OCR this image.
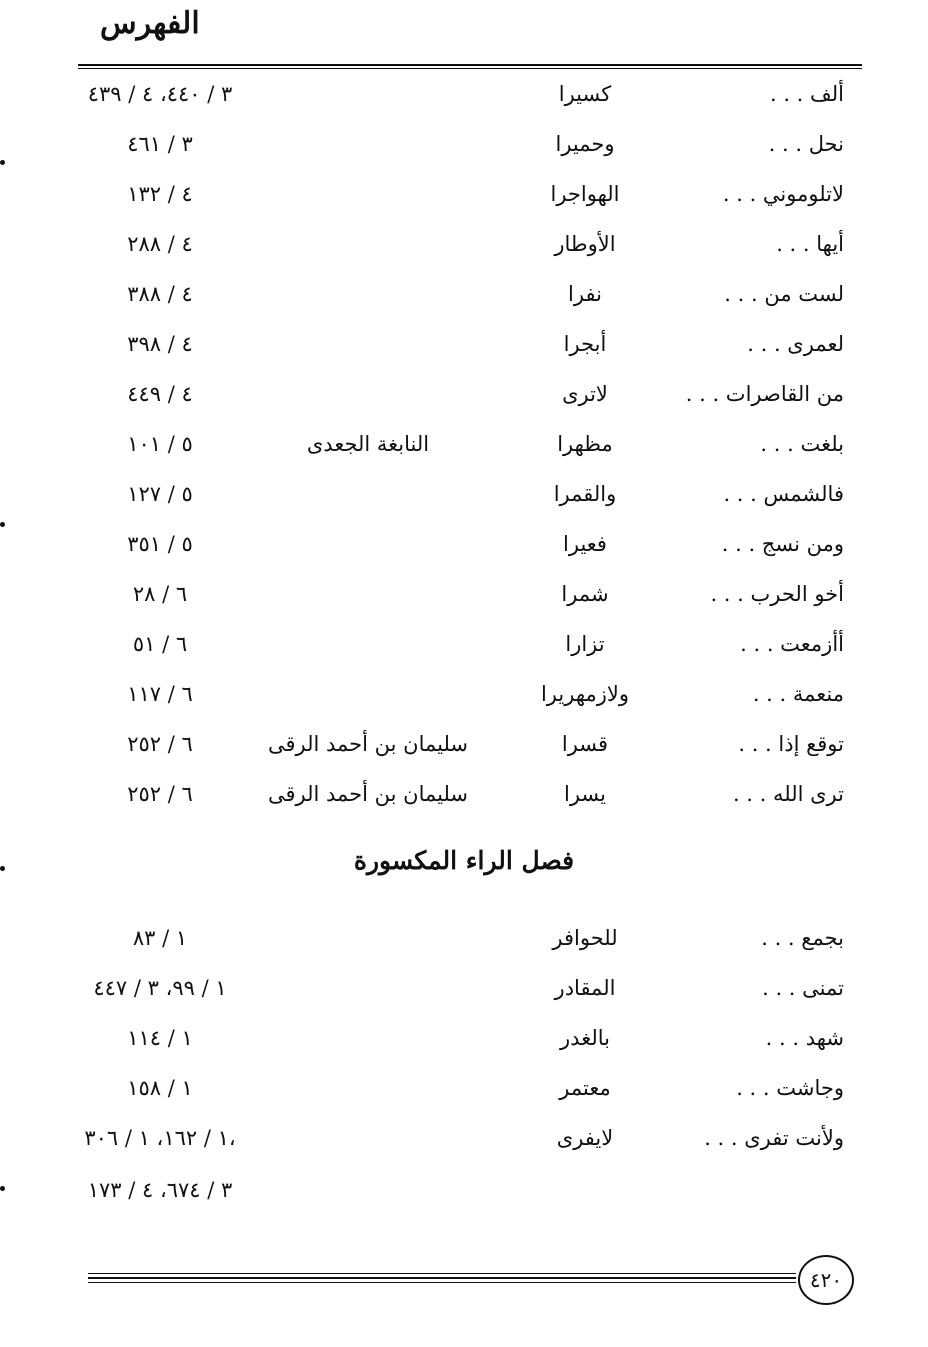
الفهرس
ألف . . .
كسيرا
٣ / ٤٤٠، ٤ / ٤٣٩
نحل . . .
وحميرا
٣ / ٤٦١
لاتلوموني . . .
الهواجرا
٤ / ١٣٢
أيها . . .
الأوطار
٤ / ٢٨٨
لست من . . .
نفرا
٤ / ٣٨٨
لعمرى . . .
أبجرا
٤ / ٣٩٨
من القاصرات . . .
لاترى
٤ / ٤٤٩
بلغت . . .
مظهرا
النابغة الجعدى
٥ / ١٠١
فالشمس . . .
والقمرا
٥ / ١٢٧
ومن نسج . . .
فعيرا
٥ / ٣٥١
أخو الحرب . . .
شمرا
٦ / ٢٨
أأزمعت . . .
تزارا
٦ / ٥١
منعمة . . .
ولازمهريرا
٦ / ١١٧
توقع إذا . . .
قسرا
سليمان بن أحمد الرقى
٦ / ٢٥٢
ترى الله . . .
يسرا
سليمان بن أحمد الرقى
٦ / ٢٥٢
فصل الراء المكسورة
بجمع . . .
للحوافر
١ / ٨٣
تمنى . . .
المقادر
١ / ٩٩، ٣ / ٤٤٧
شهد . . .
بالغدر
١ / ١١٤
وجاشت . . .
معتمر
١ / ١٥٨
ولأنت تفرى . . .
لايفرى
١ / ١٦٢، ١ / ٣٠٦،
٣ / ٦٧٤، ٤ / ١٧٣
٤٢٠
